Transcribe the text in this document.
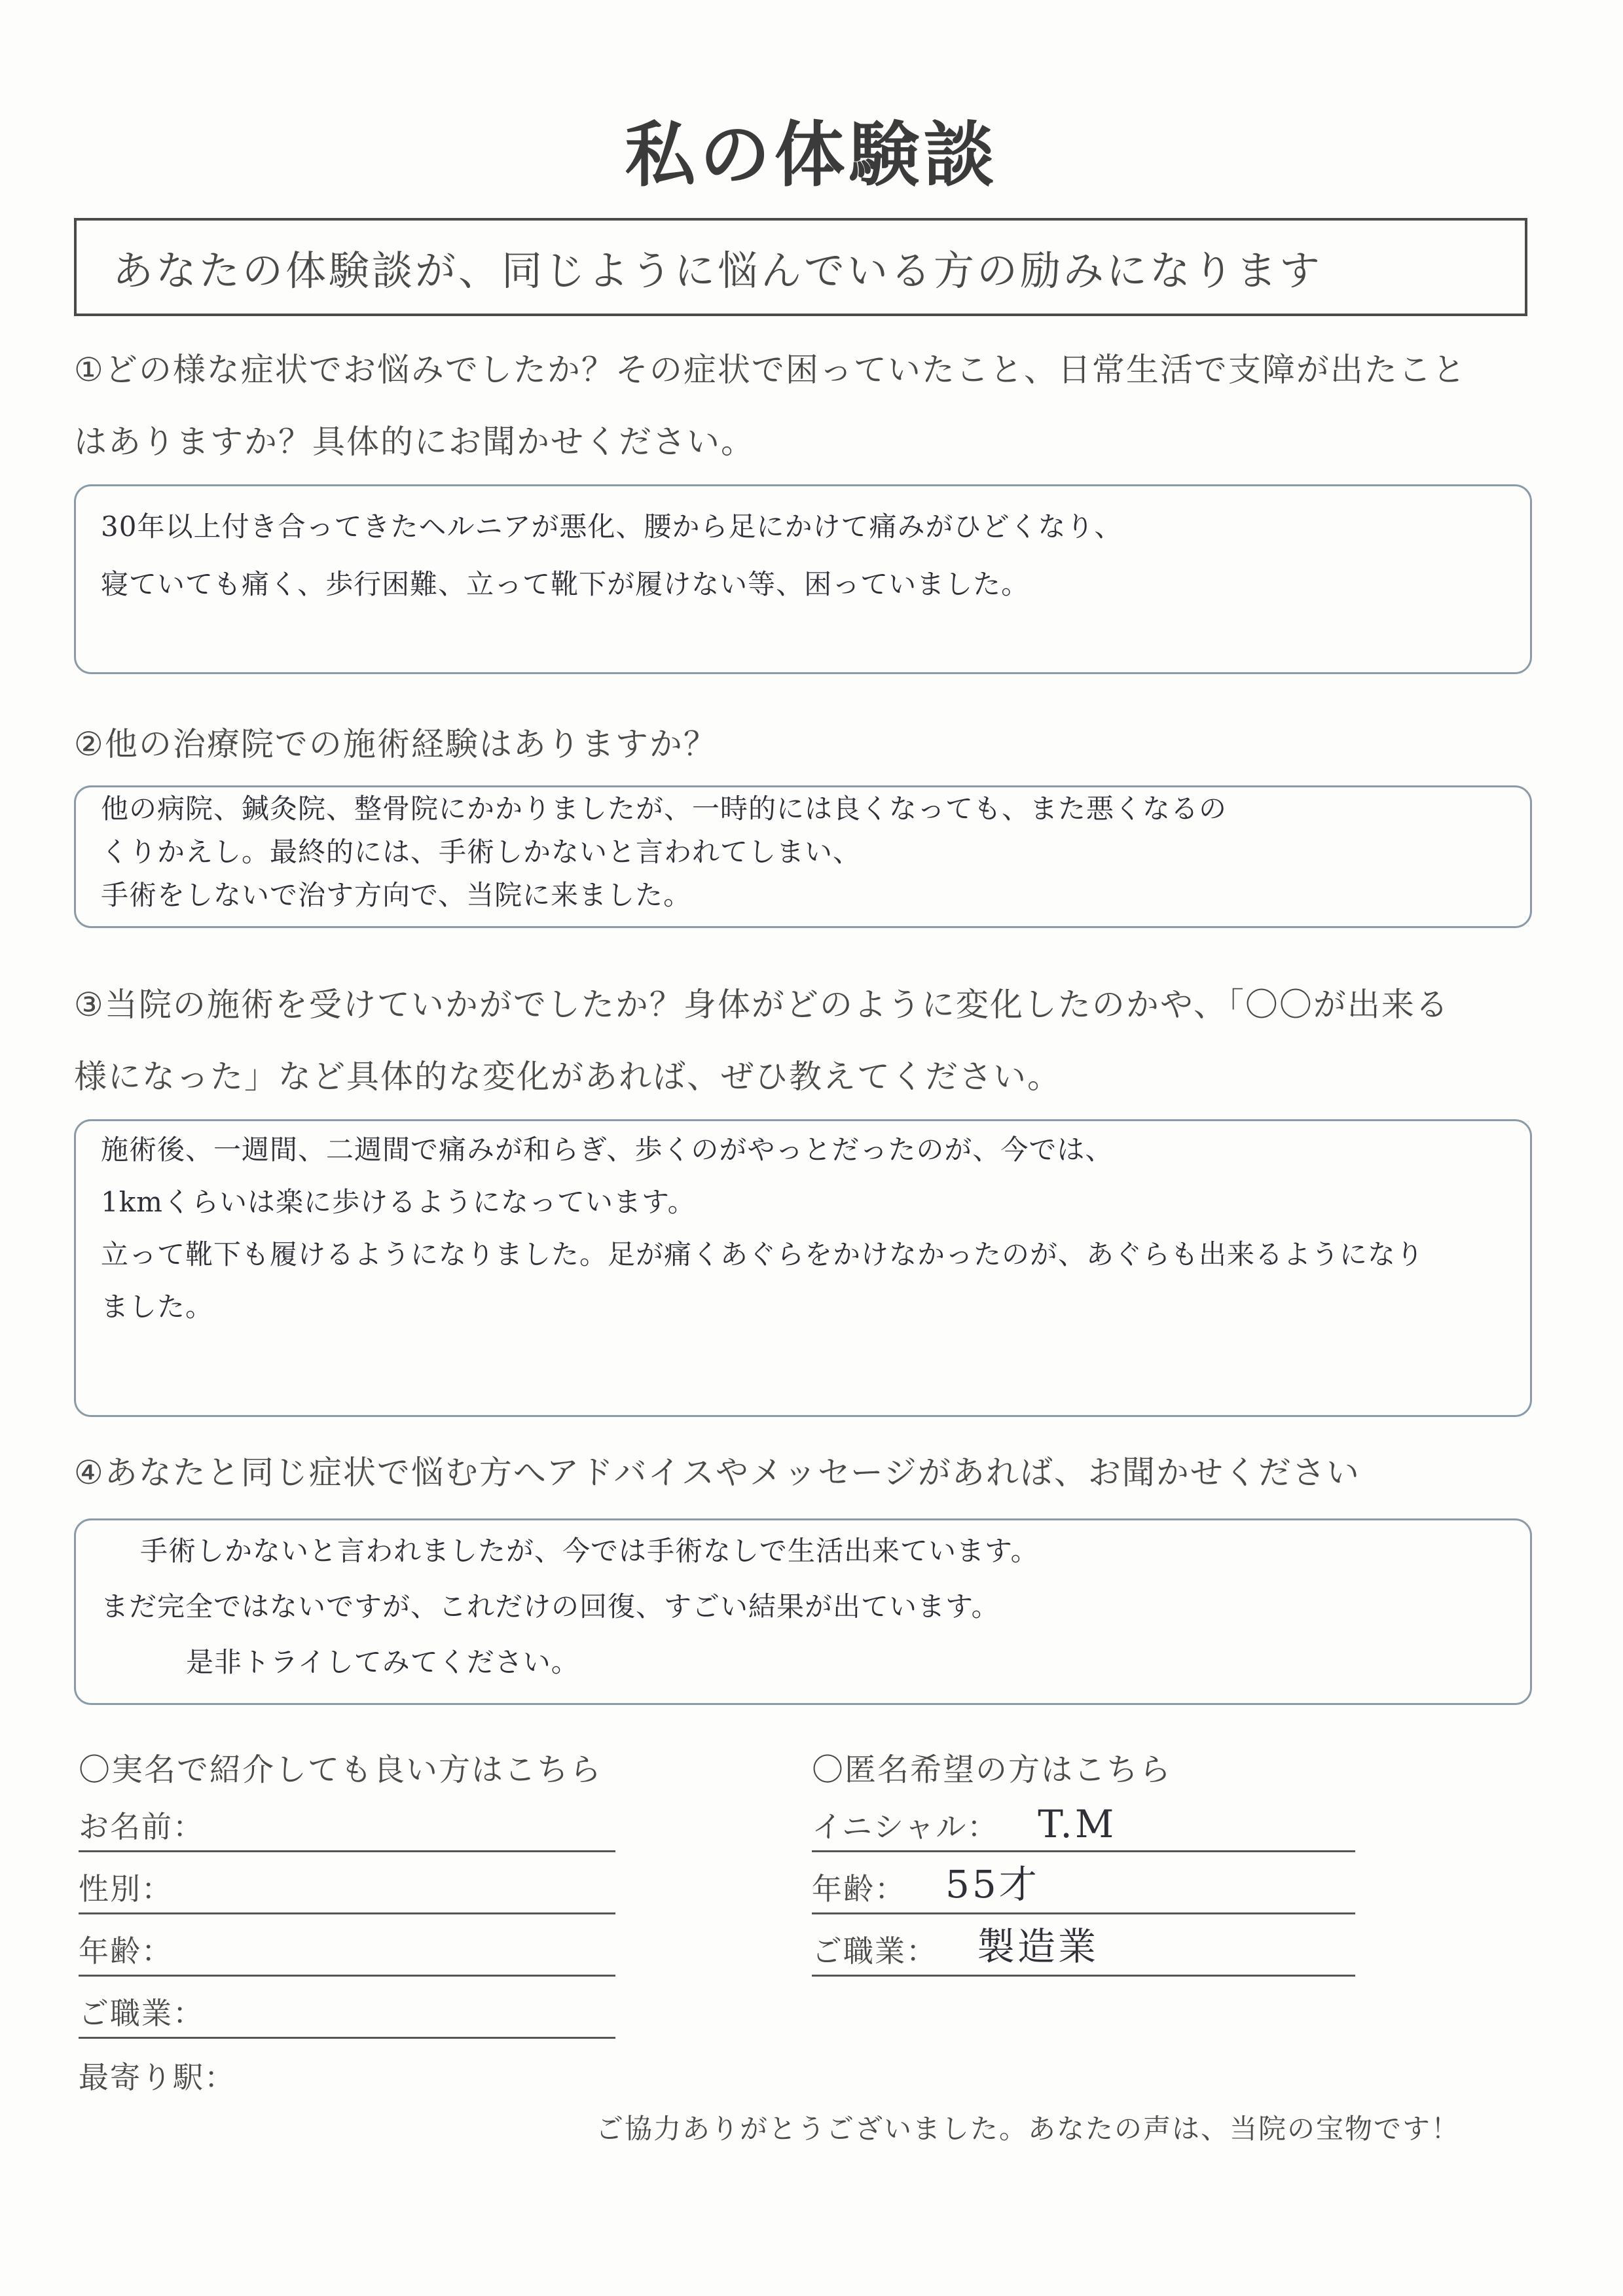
私の体験談
あなたの体験談が、同じように悩んでいる方の励みになります
①どの様な症状でお悩みでしたか？その症状で困っていたこと、日常生活で支障が出たこと
はありますか？具体的にお聞かせください。
30年以上付き合ってきたヘルニアが悪化、腰から足にかけて痛みがひどくなり、
寝ていても痛く、歩行困難、立って靴下が履けない等、困っていました。
②他の治療院での施術経験はありますか？
他の病院、鍼灸院、整骨院にかかりましたが、一時的には良くなっても、また悪くなるの
くりかえし。最終的には、手術しかないと言われてしまい、
手術をしないで治す方向で、当院に来ました。
③当院の施術を受けていかがでしたか？身体がどのように変化したのかや、「〇〇が出来る
様になった」など具体的な変化があれば、ぜひ教えてください。
施術後、一週間、二週間で痛みが和らぎ、歩くのがやっとだったのが、今では、
1kmくらいは楽に歩けるようになっています。
立って靴下も履けるようになりました。足が痛くあぐらをかけなかったのが、あぐらも出来るようになり
ました。
④あなたと同じ症状で悩む方へアドバイスやメッセージがあれば、お聞かせください
手術しかないと言われましたが、今では手術なしで生活出来ています。
まだ完全ではないですが、これだけの回復、すごい結果が出ています。
是非トライしてみてください。
〇実名で紹介しても良い方はこちら
お名前：
性別：
年齢：
ご職業：
最寄り駅：
〇匿名希望の方はこちら
イニシャル： T.M
年齢： 55才
ご職業： 製造業
ご協力ありがとうございました。あなたの声は、当院の宝物です！
